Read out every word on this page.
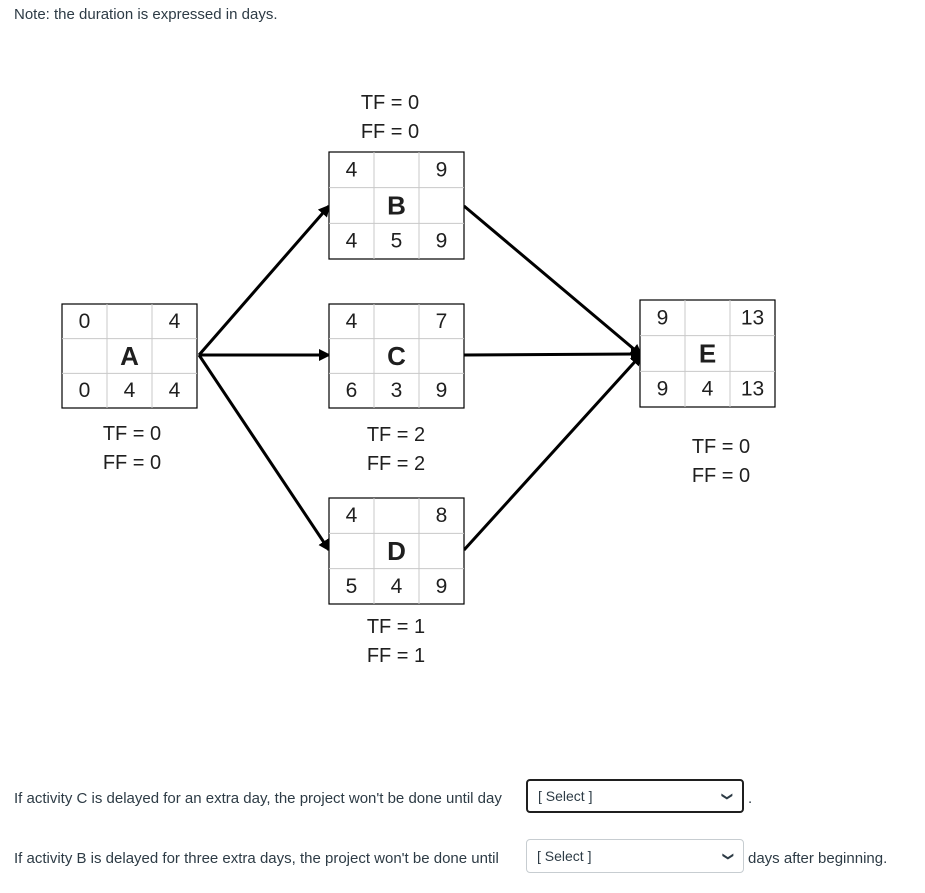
Note: the duration is expressed in days.
0	4
A
0 4 4
TF = 0
FF = 0
4	9
B
4 5 9
TF = 0
FF = 0
4	7
C
6 3 9
TF = 2
FF = 2
4	8
D
5 4 9
TF = 1
FF = 1
9	13
E
9 4 13
TF = 0
FF = 0
If activity C is delayed for an extra day, the project won't be done until day	[ Select ]	❯ .
If activity B is delayed for three extra days, the project won't be done until	[ Select ]	❯ days after beginning.
